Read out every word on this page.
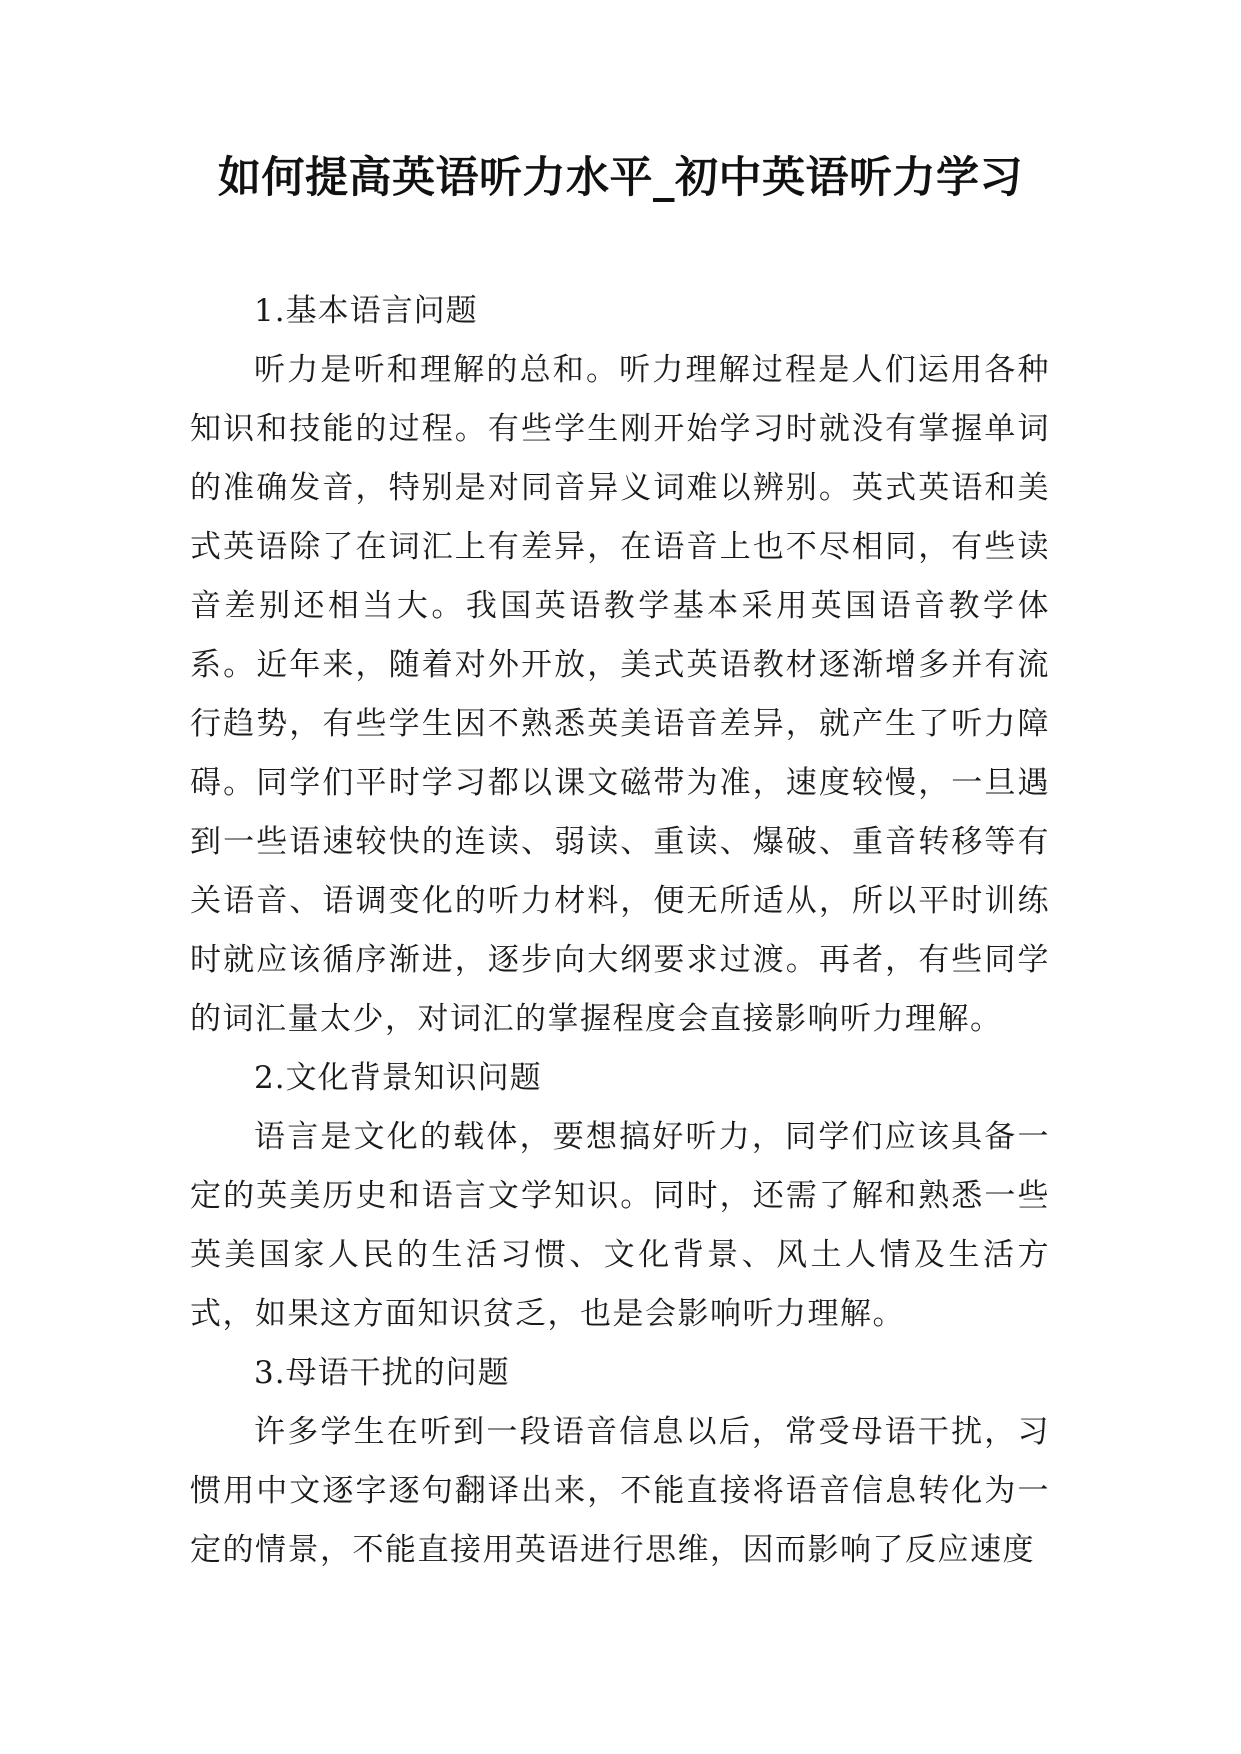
如何提高英语听力水平_初中英语听力学习

1.基本语言问题

听力是听和理解的总和。听力理解过程是人们运用各种知识和技能的过程。有些学生刚开始学习时就没有掌握单词的准确发音，特别是对同音异义词难以辨别。英式英语和美式英语除了在词汇上有差异，在语音上也不尽相同，有些读音差别还相当大。我国英语教学基本采用英国语音教学体系。近年来，随着对外开放，美式英语教材逐渐增多并有流行趋势，有些学生因不熟悉英美语音差异，就产生了听力障碍。同学们平时学习都以课文磁带为准，速度较慢，一旦遇到一些语速较快的连读、弱读、重读、爆破、重音转移等有关语音、语调变化的听力材料，便无所适从，所以平时训练时就应该循序渐进，逐步向大纲要求过渡。再者，有些同学的词汇量太少，对词汇的掌握程度会直接影响听力理解。

2.文化背景知识问题

语言是文化的载体，要想搞好听力，同学们应该具备一定的英美历史和语言文学知识。同时，还需了解和熟悉一些英美国家人民的生活习惯、文化背景、风土人情及生活方式，如果这方面知识贫乏，也是会影响听力理解。

3.母语干扰的问题

许多学生在听到一段语音信息以后，常受母语干扰，习惯用中文逐字逐句翻译出来，不能直接将语音信息转化为一定的情景，不能直接用英语进行思维，因而影响了反应速度
